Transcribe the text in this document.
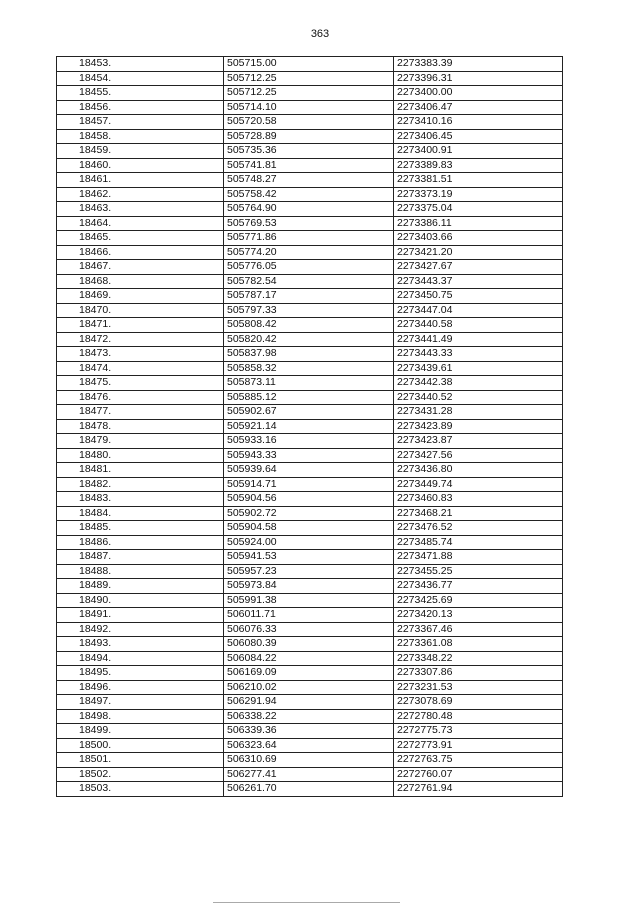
363
18453.	505715.00	2273383.39
18454.	505712.25	2273396.31
18455.	505712.25	2273400.00
18456.	505714.10	2273406.47
18457.	505720.58	2273410.16
18458.	505728.89	2273406.45
18459.	505735.36	2273400.91
18460.	505741.81	2273389.83
18461.	505748.27	2273381.51
18462.	505758.42	2273373.19
18463.	505764.90	2273375.04
18464.	505769.53	2273386.11
18465.	505771.86	2273403.66
18466.	505774.20	2273421.20
18467.	505776.05	2273427.67
18468.	505782.54	2273443.37
18469.	505787.17	2273450.75
18470.	505797.33	2273447.04
18471.	505808.42	2273440.58
18472.	505820.42	2273441.49
18473.	505837.98	2273443.33
18474.	505858.32	2273439.61
18475.	505873.11	2273442.38
18476.	505885.12	2273440.52
18477.	505902.67	2273431.28
18478.	505921.14	2273423.89
18479.	505933.16	2273423.87
18480.	505943.33	2273427.56
18481.	505939.64	2273436.80
18482.	505914.71	2273449.74
18483.	505904.56	2273460.83
18484.	505902.72	2273468.21
18485.	505904.58	2273476.52
18486.	505924.00	2273485.74
18487.	505941.53	2273471.88
18488.	505957.23	2273455.25
18489.	505973.84	2273436.77
18490.	505991.38	2273425.69
18491.	506011.71	2273420.13
18492.	506076.33	2273367.46
18493.	506080.39	2273361.08
18494.	506084.22	2273348.22
18495.	506169.09	2273307.86
18496.	506210.02	2273231.53
18497.	506291.94	2273078.69
18498.	506338.22	2272780.48
18499.	506339.36	2272775.73
18500.	506323.64	2272773.91
18501.	506310.69	2272763.75
18502.	506277.41	2272760.07
18503.	506261.70	2272761.94
